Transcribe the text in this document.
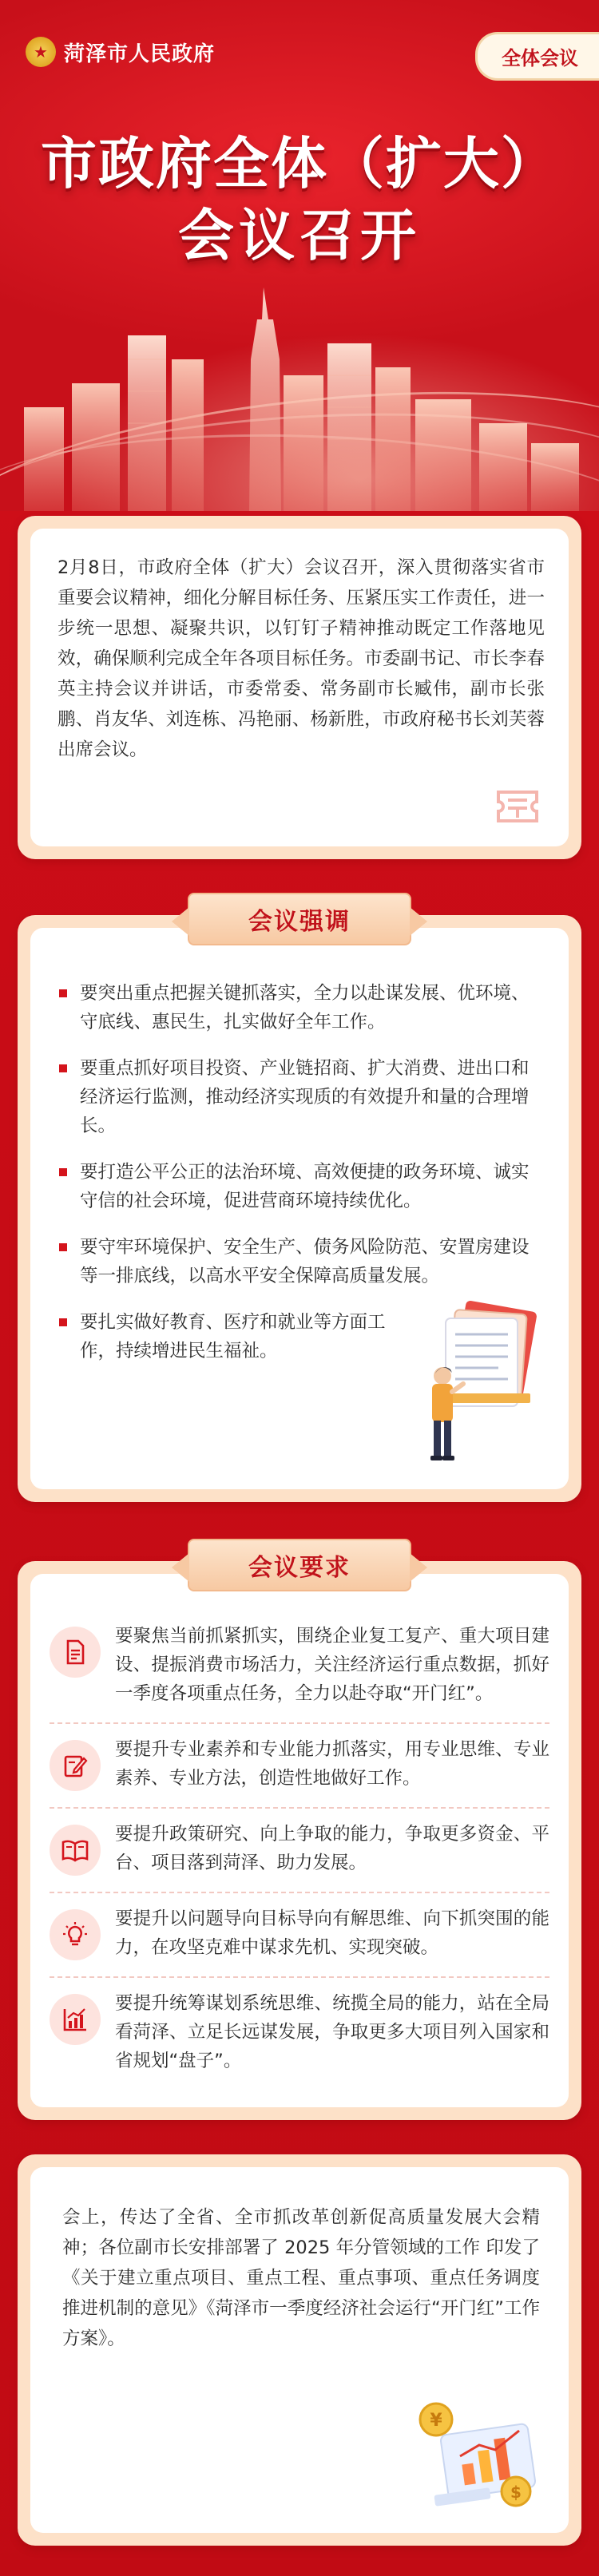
★ 菏泽市人民政府	全体会议
市政府全体（扩大）
会议召开

2月8日，市政府全体（扩大）会议召开，深入贯彻落实省市重要会议精神，细化分解目标任务、压紧压实工作责任，进一步统一思想、凝聚共识，以钉钉子精神推动既定工作落地见效，确保顺利完成全年各项目标任务。市委副书记、市长李春英主持会议并讲话，市委常委、常务副市长臧伟，副市长张鹏、肖友华、刘连栋、冯艳丽、杨新胜，市政府秘书长刘芙蓉出席会议。

会议强调
要突出重点把握关键抓落实，全力以赴谋发展、优环境、守底线、惠民生，扎实做好全年工作。
要重点抓好项目投资、产业链招商、扩大消费、进出口和经济运行监测，推动经济实现质的有效提升和量的合理增长。
要打造公平公正的法治环境、高效便捷的政务环境、诚实守信的社会环境，促进营商环境持续优化。
要守牢环境保护、安全生产、债务风险防范、安置房建设等一排底线，以高水平安全保障高质量发展。
要扎实做好教育、医疗和就业等方面工作，持续增进民生福祉。
会议要求

要聚焦当前抓紧抓实，围绕企业复工复产、重大项目建设、提振消费市场活力，关注经济运行重点数据，抓好一季度各项重点任务，全力以赴夺取“开门红”。

要提升专业素养和专业能力抓落实，用专业思维、专业素养、专业方法，创造性地做好工作。

要提升政策研究、向上争取的能力，争取更多资金、平台、项目落到菏泽、助力发展。

要提升以问题导向目标导向有解思维、向下抓突围的能力，在攻坚克难中谋求先机、实现突破。

要提升统筹谋划系统思维、统揽全局的能力，站在全局看菏泽、立足长远谋发展，争取更多大项目列入国家和省规划“盘子”。

会上，传达了全省、全市抓改革创新促高质量发展大会精神；各位副市长安排部署了 2025 年分管领域的工作 印发了《关于建立重点项目、重点工程、重点事项、重点任务调度推进机制的意见》《菏泽市一季度经济社会运行“开门红”工作方案》。

¥
$
